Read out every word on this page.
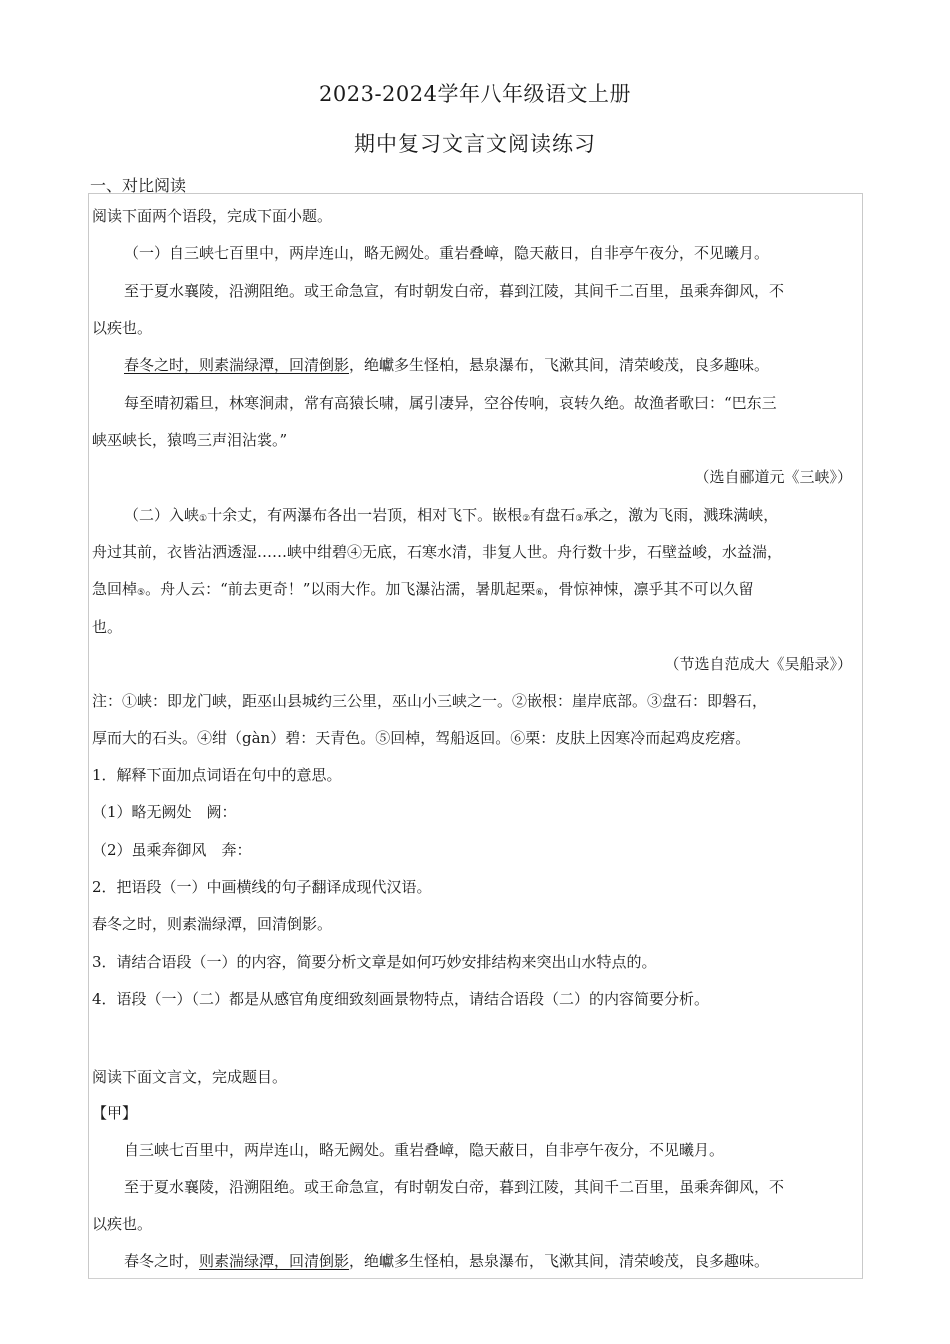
2023-2024学年八年级语文上册
期中复习文言文阅读练习
一、对比阅读
阅读下面两个语段，完成下面小题。
（一）自三峡七百里中，两岸连山，略无阙处。重岩叠嶂，隐天蔽日，自非亭午夜分，不见曦月。
至于夏水襄陵，沿溯阻绝。或王命急宣，有时朝发白帝，暮到江陵，其间千二百里，虽乘奔御风，不
以疾也。
春冬之时，则素湍绿潭，回清倒影，绝巘多生怪柏，悬泉瀑布，飞漱其间，清荣峻茂，良多趣味。
每至晴初霜旦，林寒涧肃，常有高猿长啸，属引凄异，空谷传响，哀转久绝。故渔者歌曰：“巴东三
峡巫峡长，猿鸣三声泪沾裳。”
（选自郦道元《三峡》）
（二）入峡$_①$十余丈，有两瀑布各出一岩顶，相对飞下。嵌根$_②$有盘石$_③$承之，激为飞雨，溅珠满峡，
舟过其前，衣皆沾洒透湿……峡中绀碧④无底，石寒水清，非复人世。舟行数十步，石壁益峻，水益湍，
急回棹$_⑤$。舟人云：“前去更奇！”以雨大作。加飞瀑沾濡，暑肌起栗$_⑥$，骨惊神悚，凛乎其不可以久留
也。
（节选自范成大《吴船录》）
注：①峡：即龙门峡，距巫山县城约三公里，巫山小三峡之一。②嵌根：崖岸底部。③盘石：即磐石，
厚而大的石头。④绀（gàn）碧：天青色。⑤回棹，驾船返回。⑥栗：皮肤上因寒冷而起鸡皮疙瘩。
1．解释下面加点词语在句中的意思。
（1）略无阙处　阙：
（2）虽乘奔御风　奔：
2．把语段（一）中画横线的句子翻译成现代汉语。
春冬之时，则素湍绿潭，回清倒影。
3．请结合语段（一）的内容，简要分析文章是如何巧妙安排结构来突出山水特点的。
4．语段（一）（二）都是从感官角度细致刻画景物特点，请结合语段（二）的内容简要分析。
阅读下面文言文，完成题目。
【甲】
自三峡七百里中，两岸连山，略无阙处。重岩叠嶂，隐天蔽日，自非亭午夜分，不见曦月。
至于夏水襄陵，沿溯阻绝。或王命急宣，有时朝发白帝，暮到江陵，其间千二百里，虽乘奔御风，不
以疾也。
春冬之时，则素湍绿潭，回清倒影，绝巘多生怪柏，悬泉瀑布，飞漱其间，清荣峻茂，良多趣味。
